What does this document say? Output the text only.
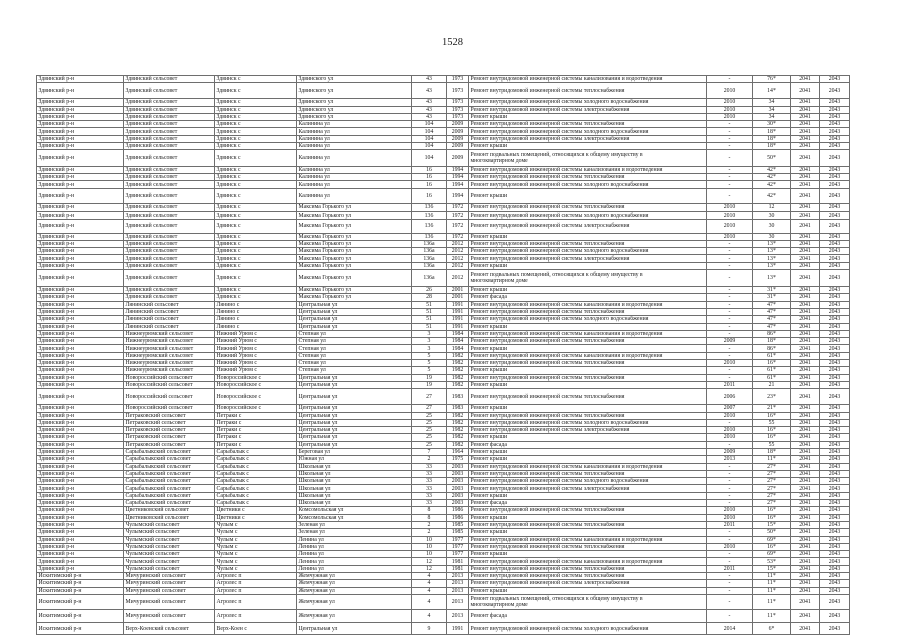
1528
Здвинский р-н	Здвинский сельсовет	Здвинск с	Здвинского ул	43	1973	Ремонт внутридомовой инженерной системы канализования и водоотведения	-	76*	2041	2043
Здвинский р-н	Здвинский сельсовет	Здвинск с	Здвинского ул	43	1973	Ремонт внутридомовой инженерной системы теплоснабжения	2010	14*	2041	2043
Здвинский р-н	Здвинский сельсовет	Здвинск с	Здвинского ул	43	1973	Ремонт внутридомовой инженерной системы холодного водоснабжения	2010	34	2041	2043
Здвинский р-н	Здвинский сельсовет	Здвинск с	Здвинского ул	43	1973	Ремонт внутридомовой инженерной системы электроснабжения	2010	34	2041	2043
Здвинский р-н	Здвинский сельсовет	Здвинск с	Здвинского ул	43	1973	Ремонт крыши	2010	34	2041	2043
Здвинский р-н	Здвинский сельсовет	Здвинск с	Калинина ул	104	2009	Ремонт внутридомовой инженерной системы теплоснабжения	-	30*	2041	2043
Здвинский р-н	Здвинский сельсовет	Здвинск с	Калинина ул	104	2009	Ремонт внутридомовой инженерной системы холодного водоснабжения	-	18*	2041	2043
Здвинский р-н	Здвинский сельсовет	Здвинск с	Калинина ул	104	2009	Ремонт внутридомовой инженерной системы электроснабжения	-	18*	2041	2043
Здвинский р-н	Здвинский сельсовет	Здвинск с	Калинина ул	104	2009	Ремонт крыши	-	18*	2041	2043
Здвинский р-н	Здвинский сельсовет	Здвинск с	Калинина ул	104	2009	Ремонт подвальных помещений, относящихся к общему имуществу в многоквартирном доме	-	50*	2041	2043
Здвинский р-н	Здвинский сельсовет	Здвинск с	Калинина ул	16	1994	Ремонт внутридомовой инженерной системы канализования и водоотведения	-	42*	2041	2043
Здвинский р-н	Здвинский сельсовет	Здвинск с	Калинина ул	16	1994	Ремонт внутридомовой инженерной системы теплоснабжения	-	42*	2041	2043
Здвинский р-н	Здвинский сельсовет	Здвинск с	Калинина ул	16	1994	Ремонт внутридомовой инженерной системы холодного водоснабжения	-	42*	2041	2043
Здвинский р-н	Здвинский сельсовет	Здвинск с	Калинина ул	16	1994	Ремонт крыши	-	42*	2041	2043
Здвинский р-н	Здвинский сельсовет	Здвинск с	Максима Горького ул	136	1972	Ремонт внутридомовой инженерной системы теплоснабжения	2010	12	2041	2043
Здвинский р-н	Здвинский сельсовет	Здвинск с	Максима Горького ул	136	1972	Ремонт внутридомовой инженерной системы холодного водоснабжения	2010	30	2041	2043
Здвинский р-н	Здвинский сельсовет	Здвинск с	Максима Горького ул	136	1972	Ремонт внутридомовой инженерной системы электроснабжения	2010	30	2041	2043
Здвинский р-н	Здвинский сельсовет	Здвинск с	Максима Горького ул	136	1972	Ремонт крыши	2010	30	2041	2043
Здвинский р-н	Здвинский сельсовет	Здвинск с	Максима Горького ул	136а	2012	Ремонт внутридомовой инженерной системы теплоснабжения	-	13*	2041	2043
Здвинский р-н	Здвинский сельсовет	Здвинск с	Максима Горького ул	136а	2012	Ремонт внутридомовой инженерной системы холодного водоснабжения	-	13*	2041	2043
Здвинский р-н	Здвинский сельсовет	Здвинск с	Максима Горького ул	136а	2012	Ремонт внутридомовой инженерной системы электроснабжения	-	13*	2041	2043
Здвинский р-н	Здвинский сельсовет	Здвинск с	Максима Горького ул	136а	2012	Ремонт крыши	-	13*	2041	2043
Здвинский р-н	Здвинский сельсовет	Здвинск с	Максима Горького ул	136а	2012	Ремонт подвальных помещений, относящихся к общему имуществу в многоквартирном доме	-	13*	2041	2043
Здвинский р-н	Здвинский сельсовет	Здвинск с	Максима Горького ул	26	2001	Ремонт крыши	-	31*	2041	2043
Здвинский р-н	Здвинский сельсовет	Здвинск с	Максима Горького ул	28	2001	Ремонт фасада	-	31*	2041	2043
Здвинский р-н	Лянинский сельсовет	Лянино с	Центральная ул	51	1991	Ремонт внутридомовой инженерной системы канализования и водоотведения	-	47*	2041	2043
Здвинский р-н	Лянинский сельсовет	Лянино с	Центральная ул	51	1991	Ремонт внутридомовой инженерной системы теплоснабжения	-	47*	2041	2043
Здвинский р-н	Лянинский сельсовет	Лянино с	Центральная ул	51	1991	Ремонт внутридомовой инженерной системы холодного водоснабжения	-	47*	2041	2043
Здвинский р-н	Лянинский сельсовет	Лянино с	Центральная ул	51	1991	Ремонт крыши	-	47*	2041	2043
Здвинский р-н	Нижнеурюмский сельсовет	Нижний Урюм с	Степная ул	3	1984	Ремонт внутридомовой инженерной системы канализования и водоотведения	-	86*	2041	2043
Здвинский р-н	Нижнеурюмский сельсовет	Нижний Урюм с	Степная ул	3	1984	Ремонт внутридомовой инженерной системы теплоснабжения	2009	18*	2041	2043
Здвинский р-н	Нижнеурюмский сельсовет	Нижний Урюм с	Степная ул	3	1984	Ремонт крыши	-	86*	2041	2043
Здвинский р-н	Нижнеурюмский сельсовет	Нижний Урюм с	Степная ул	5	1982	Ремонт внутридомовой инженерной системы канализования и водоотведения	-	61*	2041	2043
Здвинский р-н	Нижнеурюмский сельсовет	Нижний Урюм с	Степная ул	5	1982	Ремонт внутридомовой инженерной системы теплоснабжения	2010	16*	2041	2043
Здвинский р-н	Нижнеурюмский сельсовет	Нижний Урюм с	Степная ул	5	1982	Ремонт крыши	-	61*	2041	2043
Здвинский р-н	Новороссийский сельсовет	Новороссийское с	Центральная ул	19	1982	Ремонт внутридомовой инженерной системы теплоснабжения	-	61*	2041	2043
Здвинский р-н	Новороссийский сельсовет	Новороссийское с	Центральная ул	19	1982	Ремонт крыши	2011	21	2041	2043
Здвинский р-н	Новороссийский сельсовет	Новороссийское с	Центральная ул	27	1983	Ремонт внутридомовой инженерной системы теплоснабжения	2006	23*	2041	2043
Здвинский р-н	Новороссийский сельсовет	Новороссийское с	Центральная ул	27	1983	Ремонт крыши	2007	21*	2041	2043
Здвинский р-н	Петраковский сельсовет	Петраки с	Центральная ул	25	1982	Ремонт внутридомовой инженерной системы теплоснабжения	2010	16*	2041	2043
Здвинский р-н	Петраковский сельсовет	Петраки с	Центральная ул	25	1982	Ремонт внутридомовой инженерной системы холодного водоснабжения	-	55	2041	2043
Здвинский р-н	Петраковский сельсовет	Петраки с	Центральная ул	25	1982	Ремонт внутридомовой инженерной системы электроснабжения	2010	16*	2041	2043
Здвинский р-н	Петраковский сельсовет	Петраки с	Центральная ул	25	1982	Ремонт крыши	2010	16*	2041	2043
Здвинский р-н	Петраковский сельсовет	Петраки с	Центральная ул	25	1982	Ремонт фасада	-	55	2041	2043
Здвинский р-н	Сарыбалыкский сельсовет	Сарыбалык с	Береговая ул	7	1964	Ремонт крыши	2009	18*	2041	2043
Здвинский р-н	Сарыбалыкский сельсовет	Сарыбалык с	Южная ул	2	1975	Ремонт крыши	2013	11*	2041	2043
Здвинский р-н	Сарыбалыкский сельсовет	Сарыбалык с	Школьная ул	33	2003	Ремонт внутридомовой инженерной системы канализования и водоотведения	-	27*	2041	2043
Здвинский р-н	Сарыбалыкский сельсовет	Сарыбалык с	Школьная ул	33	2003	Ремонт внутридомовой инженерной системы теплоснабжения	-	27*	2041	2043
Здвинский р-н	Сарыбалыкский сельсовет	Сарыбалык с	Школьная ул	33	2003	Ремонт внутридомовой инженерной системы холодного водоснабжения	-	27*	2041	2043
Здвинский р-н	Сарыбалыкский сельсовет	Сарыбалык с	Школьная ул	33	2003	Ремонт внутридомовой инженерной системы электроснабжения	-	27*	2041	2043
Здвинский р-н	Сарыбалыкский сельсовет	Сарыбалык с	Школьная ул	33	2003	Ремонт крыши	-	27*	2041	2043
Здвинский р-н	Сарыбалыкский сельсовет	Сарыбалык с	Школьная ул	33	2003	Ремонт фасада	-	27*	2041	2043
Здвинский р-н	Цветниковский сельсовет	Цветники с	Комсомольская ул	8	1986	Ремонт внутридомовой инженерной системы теплоснабжения	2010	16*	2041	2043
Здвинский р-н	Цветниковский сельсовет	Цветники с	Комсомольская ул	8	1986	Ремонт крыши	2010	16*	2041	2043
Здвинский р-н	Чулымский сельсовет	Чулым с	Зеленая ул	2	1985	Ремонт внутридомовой инженерной системы теплоснабжения	2011	15*	2041	2043
Здвинский р-н	Чулымский сельсовет	Чулым с	Зеленая ул	2	1985	Ремонт крыши	-	50*	2041	2043
Здвинский р-н	Чулымский сельсовет	Чулым с	Ленина ул	10	1977	Ремонт внутридомовой инженерной системы канализования и водоотведения	-	69*	2041	2043
Здвинский р-н	Чулымский сельсовет	Чулым с	Ленина ул	10	1977	Ремонт внутридомовой инженерной системы теплоснабжения	2010	16*	2041	2043
Здвинский р-н	Чулымский сельсовет	Чулым с	Ленина ул	10	1977	Ремонт крыши	-	69*	2041	2043
Здвинский р-н	Чулымский сельсовет	Чулым с	Ленина ул	12	1981	Ремонт внутридомовой инженерной системы канализования и водоотведения	-	53*	2041	2043
Здвинский р-н	Чулымский сельсовет	Чулым с	Ленина ул	12	1981	Ремонт внутридомовой инженерной системы теплоснабжения	2011	15*	2041	2043
Искитимский р-н	Мичуринский сельсовет	Агролес п	Жемчужная ул	4	2013	Ремонт внутридомовой инженерной системы теплоснабжения	-	11*	2041	2043
Искитимский р-н	Мичуринский сельсовет	Агролес п	Жемчужная ул	4	2013	Ремонт внутридомовой инженерной системы электроснабжения	-	11*	2041	2043
Искитимский р-н	Мичуринский сельсовет	Агролес п	Жемчужная ул	4	2013	Ремонт крыши	-	11*	2041	2043
Искитимский р-н	Мичуринский сельсовет	Агролес п	Жемчужная ул	4	2013	Ремонт подвальных помещений, относящихся к общему имуществу в многоквартирном доме	-	11*	2041	2043
Искитимский р-н	Мичуринский сельсовет	Агролес п	Жемчужная ул	4	2013	Ремонт фасада	-	11*	2041	2043
Искитимский р-н	Верх-Коенский сельсовет	Верх-Коен с	Центральная ул	9	1991	Ремонт внутридомовой инженерной системы холодного водоснабжения	2014	6*	2041	2043
